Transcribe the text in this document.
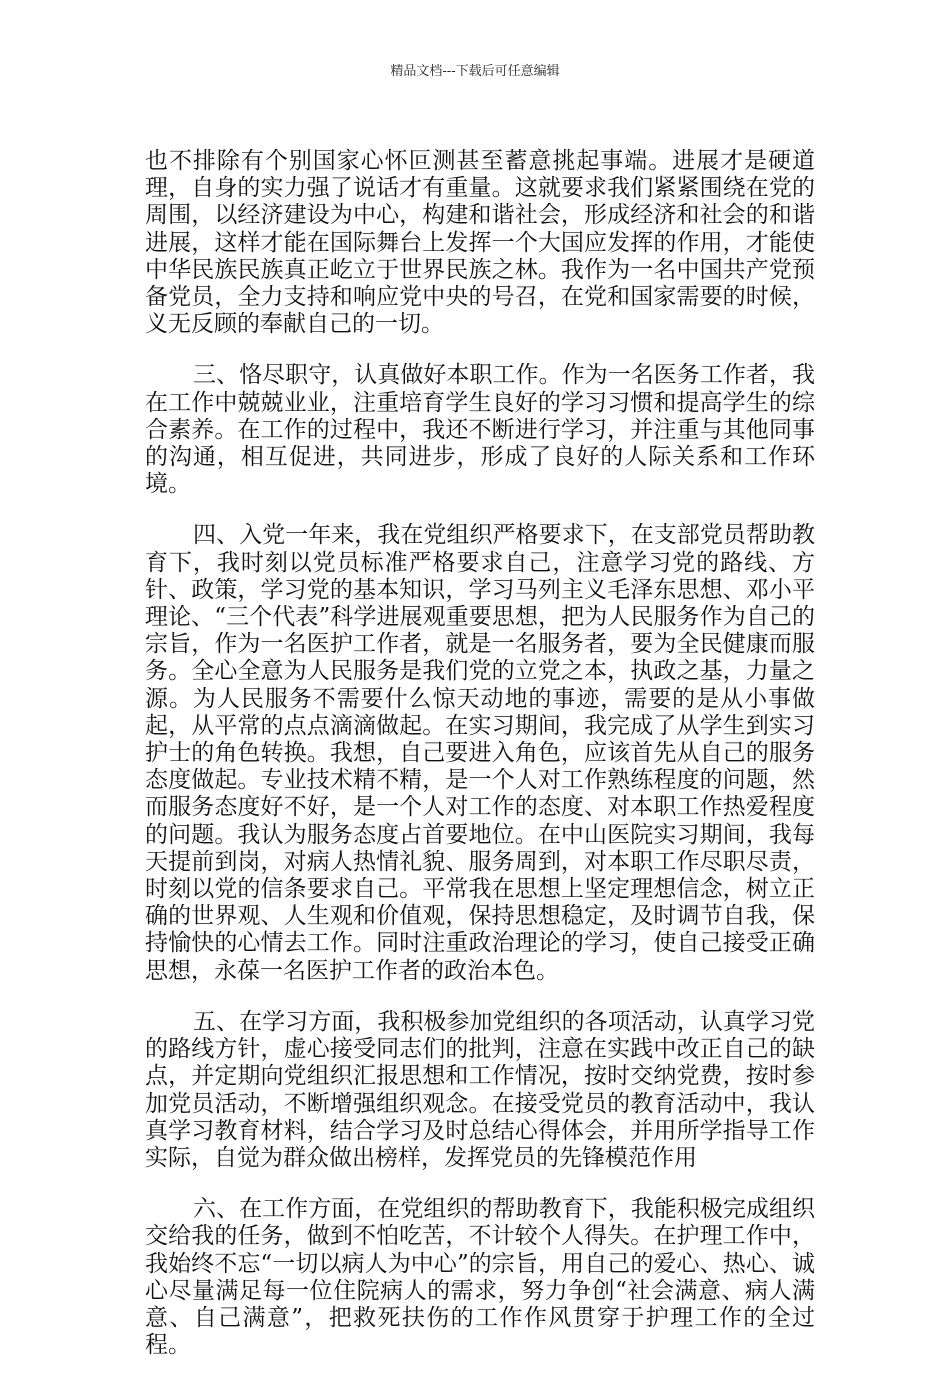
精品文档---下载后可任意编辑

也不排除有个别国家心怀叵测甚至蓄意挑起事端。进展才是硬道理，自身的实力强了说话才有重量。这就要求我们紧紧围绕在党的周围，以经济建设为中心，构建和谐社会，形成经济和社会的和谐进展，这样才能在国际舞台上发挥一个大国应发挥的作用，才能使中华民族民族真正屹立于世界民族之林。我作为一名中国共产党预备党员，全力支持和响应党中央的号召，在党和国家需要的时候，义无反顾的奉献自己的一切。

三、恪尽职守，认真做好本职工作。作为一名医务工作者，我在工作中兢兢业业，注重培育学生良好的学习习惯和提高学生的综合素养。在工作的过程中，我还不断进行学习，并注重与其他同事的沟通，相互促进，共同进步，形成了良好的人际关系和工作环境。

四、入党一年来，我在党组织严格要求下，在支部党员帮助教育下，我时刻以党员标准严格要求自己，注意学习党的路线、方针、政策，学习党的基本知识，学习马列主义毛泽东思想、邓小平理论、“三个代表”科学进展观重要思想，把为人民服务作为自己的宗旨，作为一名医护工作者，就是一名服务者，要为全民健康而服务。全心全意为人民服务是我们党的立党之本，执政之基，力量之源。为人民服务不需要什么惊天动地的事迹，需要的是从小事做起，从平常的点点滴滴做起。在实习期间，我完成了从学生到实习护士的角色转换。我想，自己要进入角色，应该首先从自己的服务态度做起。专业技术精不精，是一个人对工作熟练程度的问题，然而服务态度好不好，是一个人对工作的态度、对本职工作热爱程度的问题。我认为服务态度占首要地位。在中山医院实习期间，我每天提前到岗，对病人热情礼貌、服务周到，对本职工作尽职尽责，时刻以党的信条要求自己。平常我在思想上坚定理想信念，树立正确的世界观、人生观和价值观，保持思想稳定，及时调节自我，保持愉快的心情去工作。同时注重政治理论的学习，使自己接受正确思想，永葆一名医护工作者的政治本色。

五、在学习方面，我积极参加党组织的各项活动，认真学习党的路线方针，虚心接受同志们的批判，注意在实践中改正自己的缺点，并定期向党组织汇报思想和工作情况，按时交纳党费，按时参加党员活动，不断增强组织观念。在接受党员的教育活动中，我认真学习教育材料，结合学习及时总结心得体会，并用所学指导工作实际，自觉为群众做出榜样，发挥党员的先锋模范作用

六、在工作方面，在党组织的帮助教育下，我能积极完成组织交给我的任务，做到不怕吃苦，不计较个人得失。在护理工作中，我始终不忘“一切以病人为中心”的宗旨，用自己的爱心、热心、诚心尽量满足每一位住院病人的需求，努力争创“社会满意、病人满意、自己满意”，把救死扶伤的工作作风贯穿于护理工作的全过程。
